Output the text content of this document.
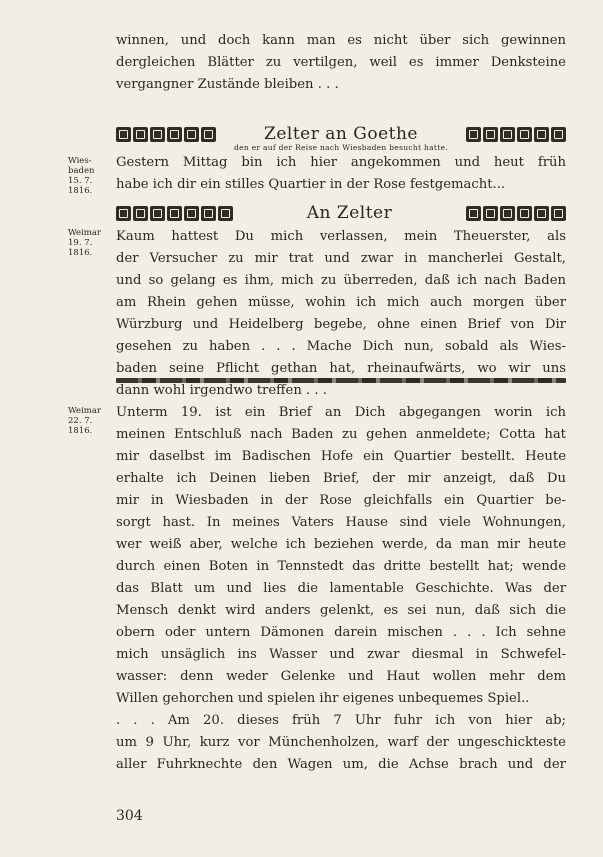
winnen, und doch kann man es nicht über sich gewinnen
dergleichen Blätter zu vertilgen, weil es immer Denksteine
vergangner Zustände bleiben . . .
Zelter an Goethe
den er auf der Reise nach Wiesbaden besucht hatte.
Wies-
baden
15. 7.
1816.
Gestern Mittag bin ich hier angekommen und heut früh
habe ich dir ein stilles Quartier in der Rose festgemacht...
An Zelter
Weimar
19. 7.
1816.
Kaum hattest Du mich verlassen, mein Theuerster, als
der Versucher zu mir trat und zwar in mancherlei Gestalt,
und so gelang es ihm, mich zu überreden, daß ich nach Baden
am Rhein gehen müsse, wohin ich mich auch morgen über
Würzburg und Heidelberg begebe, ohne einen Brief von Dir
gesehen zu haben . . . Mache Dich nun, sobald als Wies-
baden seine Pflicht gethan hat, rheinaufwärts, wo wir uns
dann wohl irgendwo treffen . . .
Weimar
22. 7.
1816.
Unterm 19. ist ein Brief an Dich abgegangen worin ich
meinen Entschluß nach Baden zu gehen anmeldete; Cotta hat
mir daselbst im Badischen Hofe ein Quartier bestellt. Heute
erhalte ich Deinen lieben Brief, der mir anzeigt, daß Du
mir in Wiesbaden in der Rose gleichfalls ein Quartier be-
sorgt hast. In meines Vaters Hause sind viele Wohnungen,
wer weiß aber, welche ich beziehen werde, da man mir heute
durch einen Boten in Tennstedt das dritte bestellt hat; wende
das Blatt um und lies die lamentable Geschichte. Was der
Mensch denkt wird anders gelenkt, es sei nun, daß sich die
obern oder untern Dämonen darein mischen . . . Ich sehne
mich unsäglich ins Wasser und zwar diesmal in Schwefel-
wasser: denn weder Gelenke und Haut wollen mehr dem
Willen gehorchen und spielen ihr eigenes unbequemes Spiel..
. . . Am 20. dieses früh 7 Uhr fuhr ich von hier ab;
um 9 Uhr, kurz vor Münchenholzen, warf der ungeschickteste
aller Fuhrknechte den Wagen um, die Achse brach und der
304
